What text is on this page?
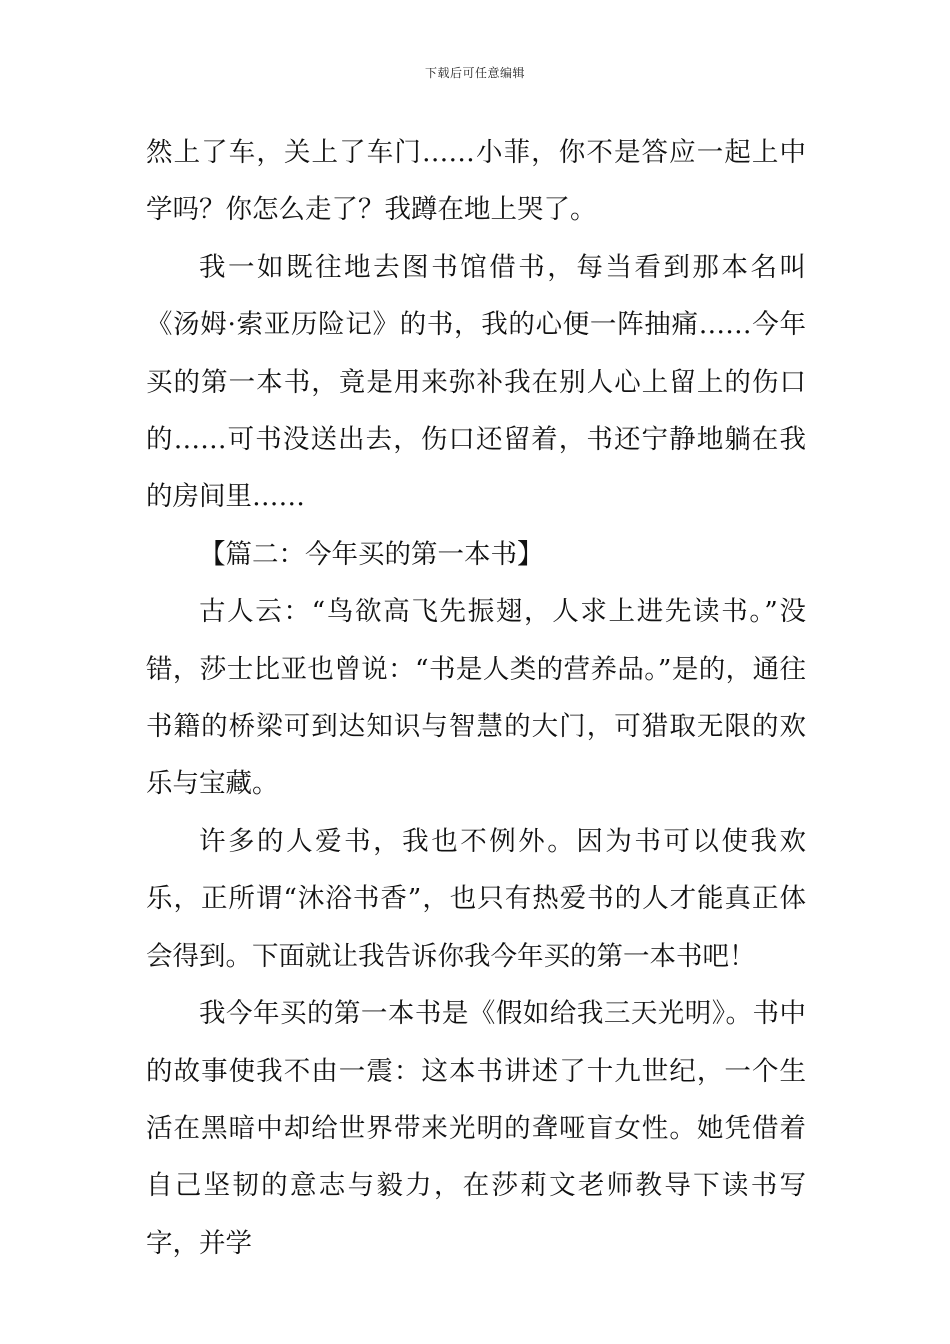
下载后可任意编辑

然上了车，关上了车门……小菲，你不是答应一起上中学吗？你怎么走了？我蹲在地上哭了。

我一如既往地去图书馆借书，每当看到那本名叫《汤姆·索亚历险记》的书，我的心便一阵抽痛……今年买的第一本书，竟是用来弥补我在别人心上留上的伤口的……可书没送出去，伤口还留着，书还宁静地躺在我的房间里……

【篇二：今年买的第一本书】

古人云：“鸟欲高飞先振翅，人求上进先读书。”没错，莎士比亚也曾说：“书是人类的营养品。”是的，通往书籍的桥梁可到达知识与智慧的大门，可猎取无限的欢乐与宝藏。

许多的人爱书，我也不例外。因为书可以使我欢乐，正所谓“沐浴书香”，也只有热爱书的人才能真正体会得到。下面就让我告诉你我今年买的第一本书吧！

我今年买的第一本书是《假如给我三天光明》。书中的故事使我不由一震：这本书讲述了十九世纪，一个生活在黑暗中却给世界带来光明的聋哑盲女性。她凭借着自己坚韧的意志与毅力，在莎莉文老师教导下读书写字，并学
